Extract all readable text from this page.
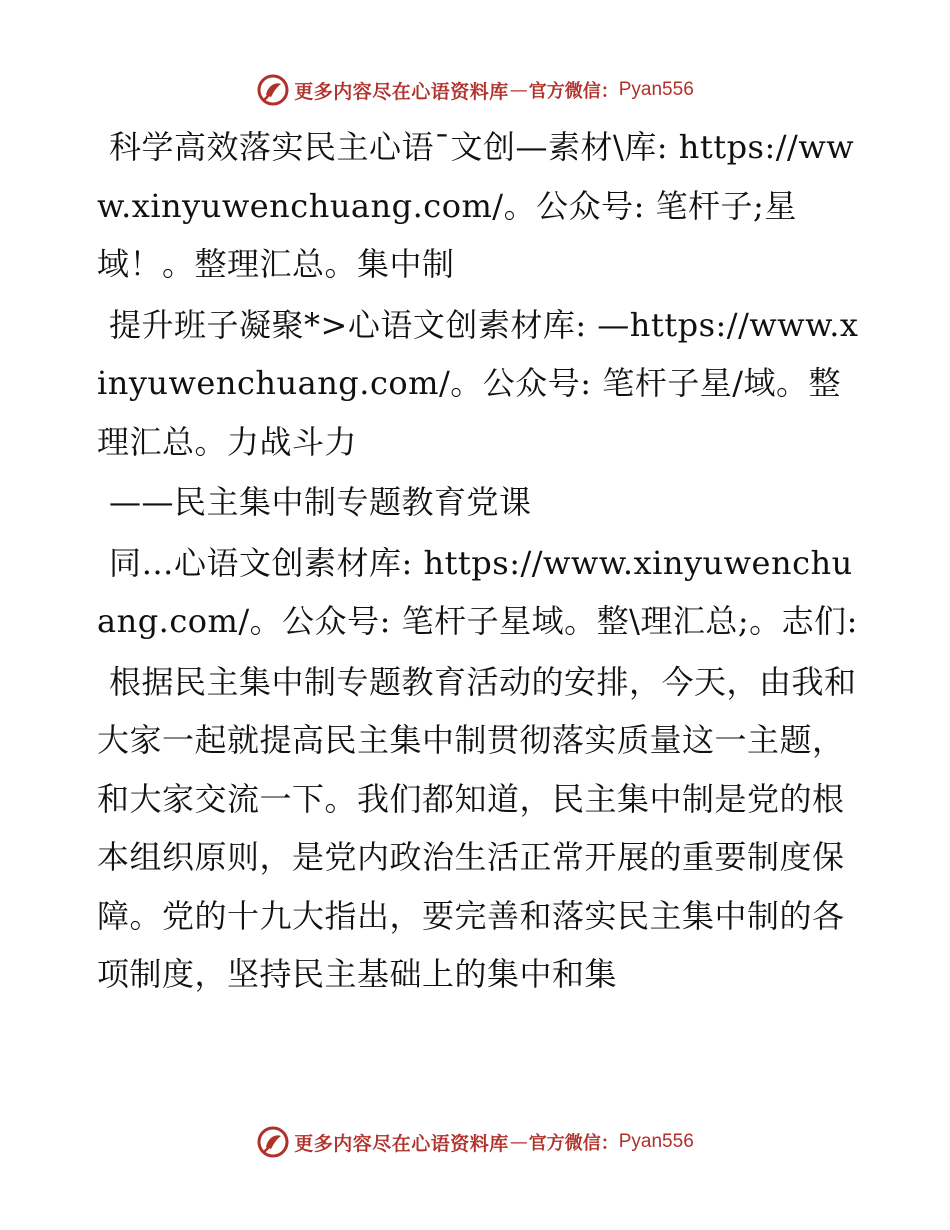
更多内容尽在心语资料库 — 官方微信： Pyan556

科学高效落实民主心语¯文创—素材\库: https://www.xinyuwenchuang.com/。公众号: 笔杆子;星域！。整理汇总。集中制

提升班子凝聚*>心语文创素材库: —https://www.xinyuwenchuang.com/。公众号: 笔杆子星/域。整理汇总。力战斗力

——民主集中制专题教育党课

同…心语文创素材库: https://www.xinyuwenchuang.com/。公众号: 笔杆子星域。整\理汇总;。志们:

根据民主集中制专题教育活动的安排，今天，由我和大家一起就提高民主集中制贯彻落实质量这一主题，和大家交流一下。我们都知道，民主集中制是党的根本组织原则，是党内政治生活正常开展的重要制度保障。党的十九大指出，要完善和落实民主集中制的各项制度，坚持民主基础上的集中和集

更多内容尽在心语资料库 — 官方微信： Pyan556
